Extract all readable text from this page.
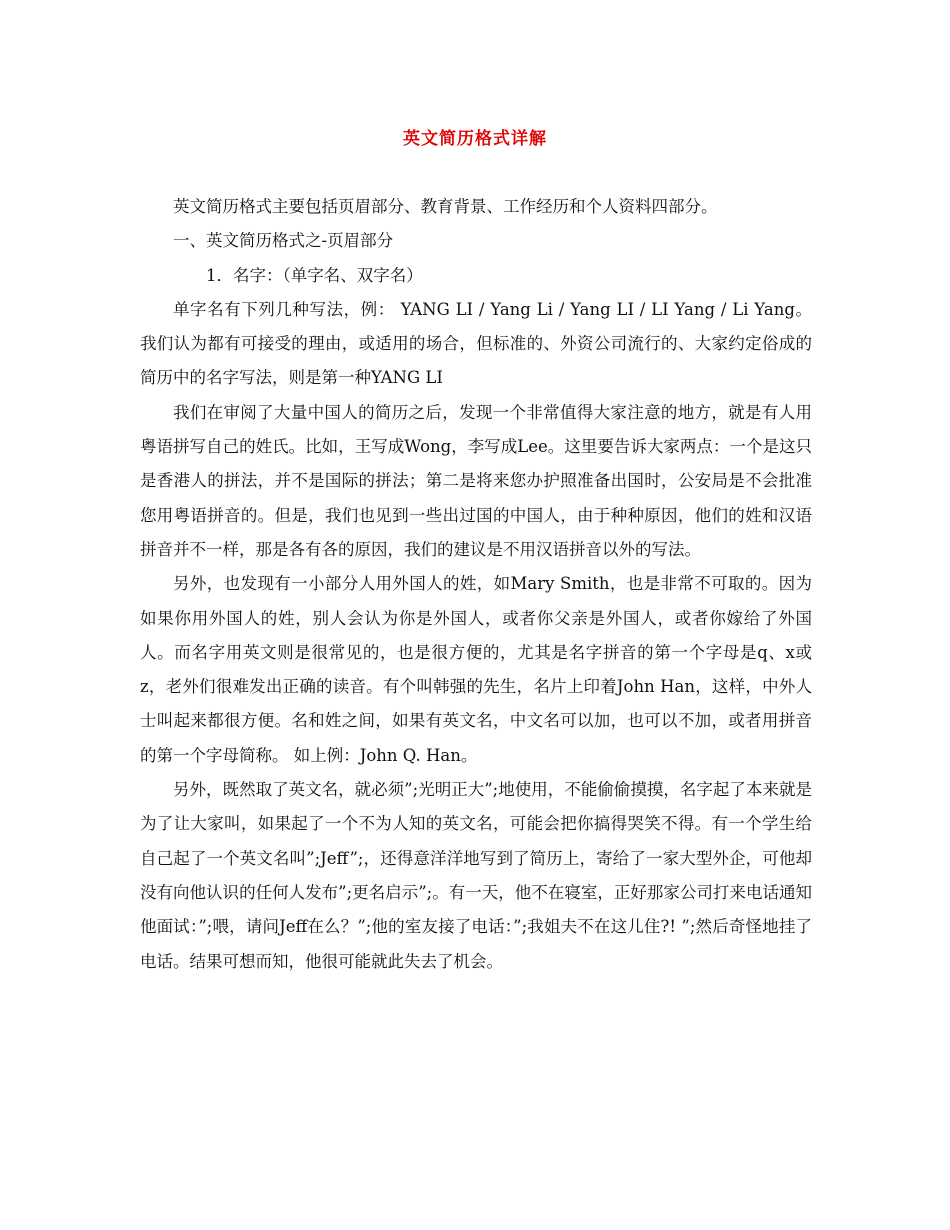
英文简历格式详解

英文简历格式主要包括页眉部分、教育背景、工作经历和个人资料四部分。

一、英文简历格式之-页眉部分

1．名字：（单字名、双字名）

单字名有下列几种写法，例： YANG LI / Yang Li / Yang LI / LI Yang / Li Yang。我们认为都有可接受的理由，或适用的场合，但标准的、外资公司流行的、大家约定俗成的简历中的名字写法，则是第一种YANG LI

我们在审阅了大量中国人的简历之后，发现一个非常值得大家注意的地方，就是有人用粤语拼写自己的姓氏。比如，王写成Wong，李写成Lee。这里要告诉大家两点：一个是这只是香港人的拼法，并不是国际的拼法；第二是将来您办护照准备出国时，公安局是不会批准您用粤语拼音的。但是，我们也见到一些出过国的中国人，由于种种原因，他们的姓和汉语拼音并不一样，那是各有各的原因，我们的建议是不用汉语拼音以外的写法。

另外，也发现有一小部分人用外国人的姓，如Mary Smith，也是非常不可取的。因为如果你用外国人的姓，别人会认为你是外国人，或者你父亲是外国人，或者你嫁给了外国人。而名字用英文则是很常见的，也是很方便的，尤其是名字拼音的第一个字母是q、x或z，老外们很难发出正确的读音。有个叫韩强的先生，名片上印着John Han，这样，中外人士叫起来都很方便。名和姓之间，如果有英文名，中文名可以加，也可以不加，或者用拼音的第一个字母简称。 如上例：John Q. Han。

另外，既然取了英文名，就必须”;光明正大”;地使用，不能偷偷摸摸，名字起了本来就是为了让大家叫，如果起了一个不为人知的英文名，可能会把你搞得哭笑不得。有一个学生给自己起了一个英文名叫”;Jeff”;，还得意洋洋地写到了简历上，寄给了一家大型外企，可他却没有向他认识的任何人发布”;更名启示”;。有一天，他不在寝室，正好那家公司打来电话通知他面试：”;喂，请问Jeff在么？”;他的室友接了电话：”;我姐夫不在这儿住?! ”;然后奇怪地挂了电话。结果可想而知，他很可能就此失去了机会。
